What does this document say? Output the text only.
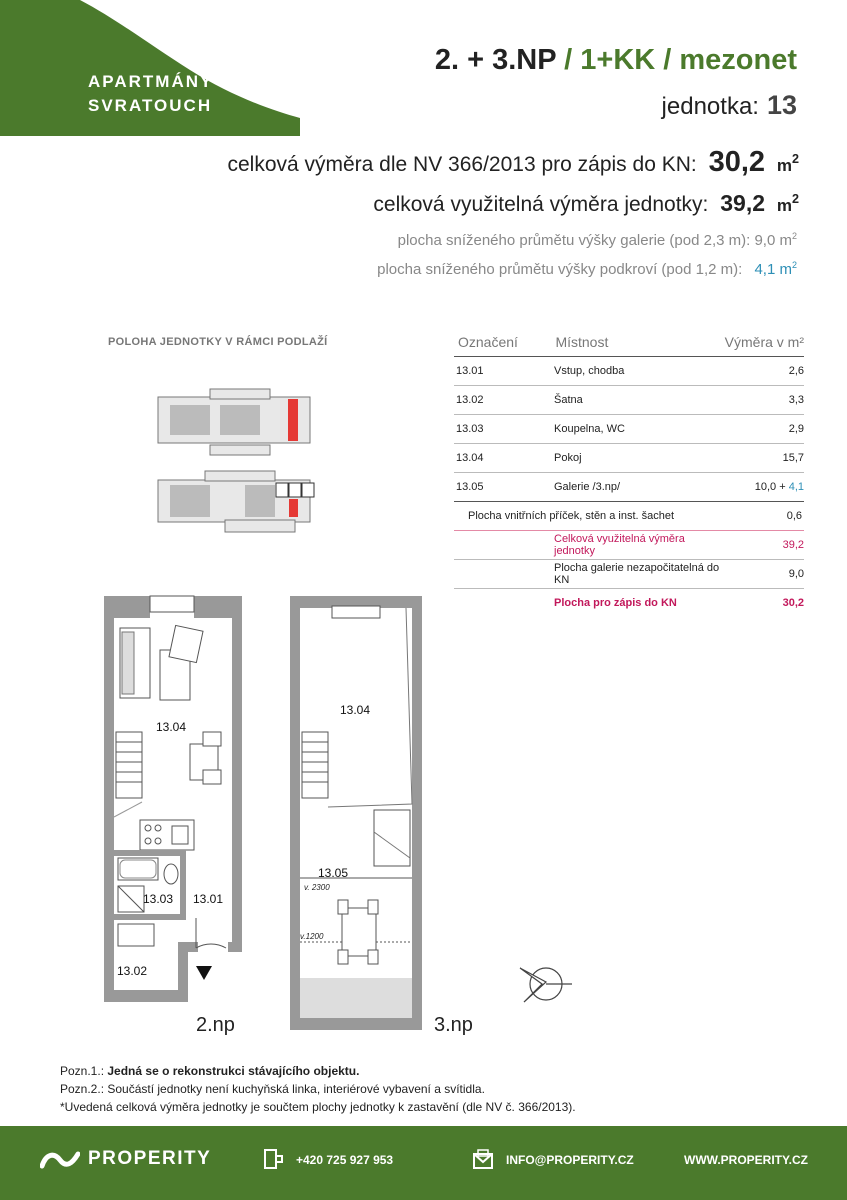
APARTMÁNY
SVRATOUCH
2. + 3.NP / 1+KK / mezonet
jednotka: 13
celková výměra dle NV 366/2013 pro zápis do KN: 30,2 $m^2$
celková využitelná výměra jednotky: 39,2 $m^2$
plocha sníženého průmětu výšky galerie (pod 2,3 m): 9,0 $m^2$
plocha sníženého průmětu výšky podkroví (pod 1,2 m): 4,1 $m^2$
POLOHA JEDNOTKY V RÁMCI PODLAŽÍ	Označení	Místnost	Výměra v m²
13.01	Vstup, chodba	2,6
13.02	Šatna	3,3
13.03	Koupelna, WC	2,9
13.04	Pokoj	15,7
13.05	Galerie /3.np/	10,0 + 4,1
Plocha vnitřních příček, stěn a inst. šachet	0,6
Celková využitelná výměra jednotky	39,2
Plocha galerie nezapočitatelná do KN	9,0
Plocha pro zápis do KN	30,2
13.04
13.03 13.01
13.02
2.np
13.04
13.05
v. 2300
v.1200
3.np
Pozn.1.: Jedná se o rekonstrukci stávajícího objektu.
Pozn.2.: Součástí jednotky není kuchyňská linka, interiérové vybavení a svítidla.
*Uvedená celková výměra jednotky je součtem plochy jednotky k zastavění (dle NV č. 366/2013).
PROPERITY	+420 725 927 953	INFO@PROPERITY.CZ	WWW.PROPERITY.CZ
